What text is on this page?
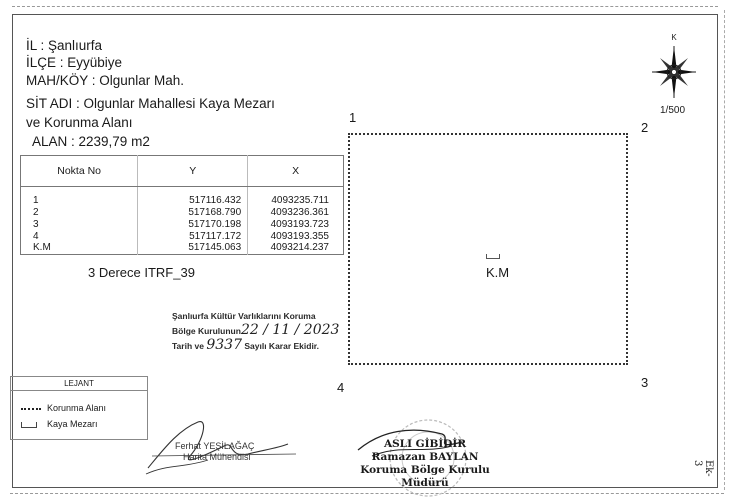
İL : Şanlıurfa
İLÇE : Eyyübiye
MAH/KÖY : Olgunlar Mah.
SİT ADI : Olgunlar Mahallesi Kaya Mezarı
ve Korunma Alanı
ALAN : 2239,79 m2
Nokta No	Y	X
1	517116.432	4093235.711
2	517168.790	4093236.361
3	517170.198	4093193.723
4	517117.172	4093193.355
K.M	517145.063	4093214.237
3 Derece ITRF_39
Şanlıurfa Kültür Varlıklarını Koruma
Bölge Kurulunun22 / 11 / 2023
Tarih ve 9337 Sayılı Karar Ekidir.
LEJANT
Korunma Alanı
Kaya Mezarı
K.M
1
2
3
4
K
1/500
Ferhat YEŞİLAĞAÇ
Harita Mühendisi
ASLI GİBİDİR
Ramazan BAYLAN
Koruma Bölge Kurulu Müdürü
Ek-3
